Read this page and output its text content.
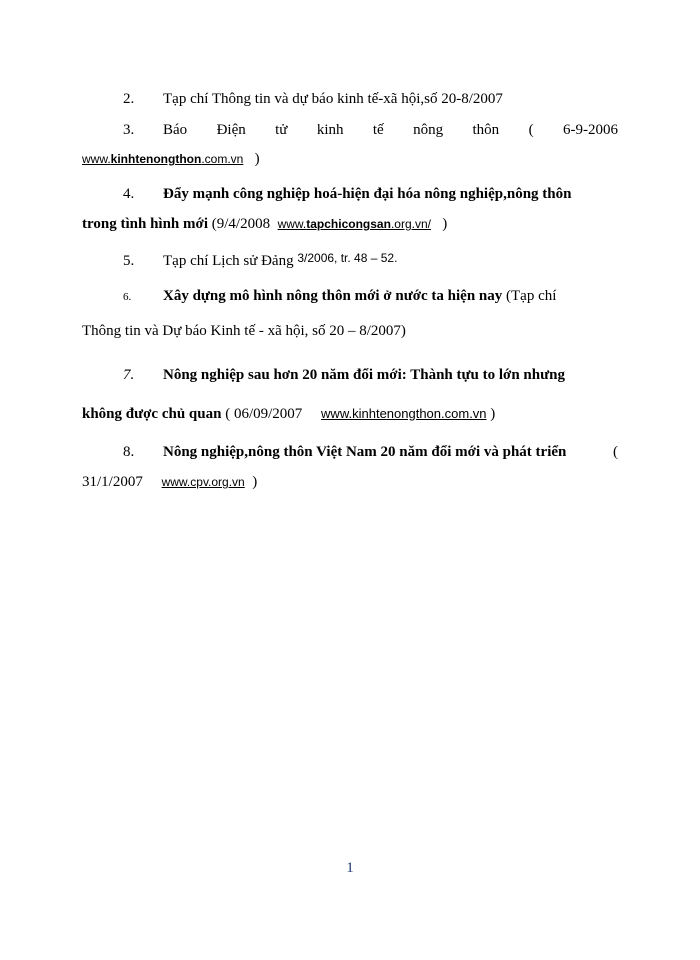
2. Tạp chí Thông tin và dự báo kinh tế-xã hội,số 20-8/2007
3. Báo Điện tử kinh tế nông thôn ( 6-9-2006
www.kinhtenongthon.com.vn )
4. Đẩy mạnh công nghiệp hoá-hiện đại hóa nông nghiệp,nông thôn
trong tình hình mới (9/4/2008 www.tapchicongsan.org.vn/ )
5. Tạp chí Lịch sử Đảng $^{3/2006, tr. 48 - 52.}$
6. Xây dựng mô hình nông thôn mới ở nước ta hiện nay (Tạp chí
Thông tin và Dự báo Kinh tế - xã hội, số 20 – 8/2007)
7. Nông nghiệp sau hơn 20 năm đổi mới: Thành tựu to lớn nhưng
không được chủ quan ( 06/09/2007 www.kinhtenongthon.com.vn )
8. Nông nghiệp,nông thôn Việt Nam 20 năm đổi mới và phát triển	(
31/1/2007 www.cpv.org.vn )
1
